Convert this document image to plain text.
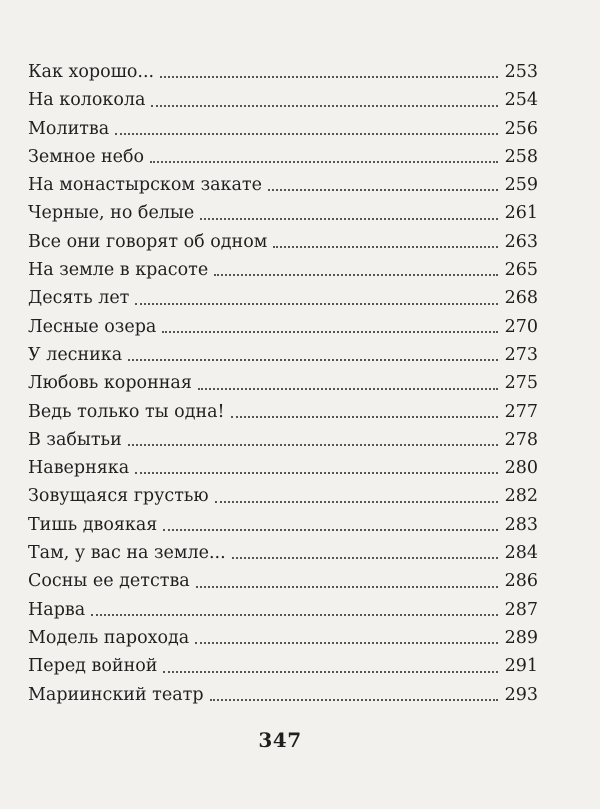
Как хорошо...	253
На колокола	254
Молитва	256
Земное небо	258
На монастырском закате	259
Черные, но белые	261
Все они говорят об одном	263
На земле в красоте	265
Десять лет	268
Лесные озера	270
У лесника	273
Любовь коронная	275
Ведь только ты одна!	277
В забытьи	278
Наверняка	280
Зовущаяся грустью	282
Тишь двоякая	283
Там, у вас на земле...	284
Сосны ее детства	286
Нарва	287
Модель парохода	289
Перед войной	291
Мариинский театр	293
347
